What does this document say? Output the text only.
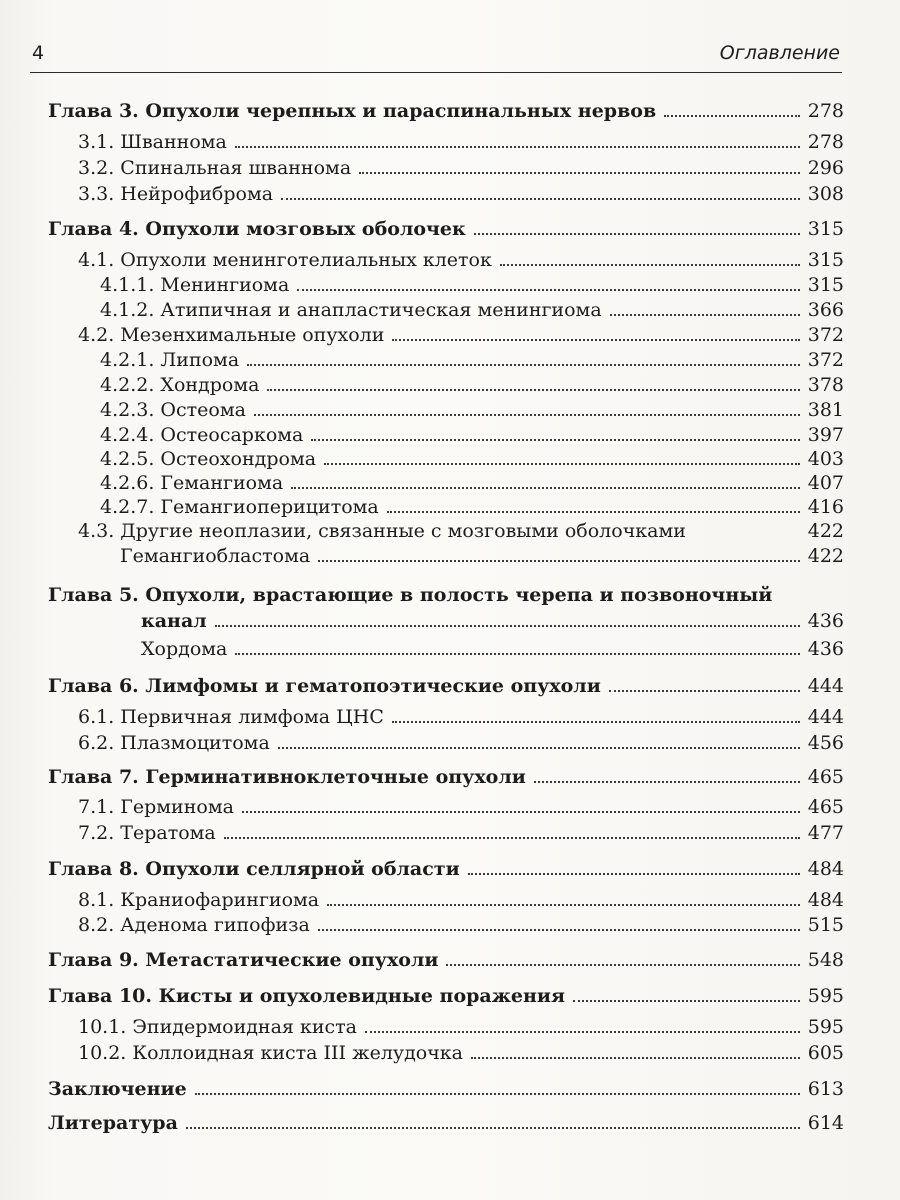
4	Оглавление
Глава 3. Опухоли черепных и параспинальных нервов	278
3.1. Шваннома	278
3.2. Спинальная шваннома	296
3.3. Нейрофиброма	308
Глава 4. Опухоли мозговых оболочек	315
4.1. Опухоли менинготелиальных клеток	315
4.1.1. Менингиома	315
4.1.2. Атипичная и анапластическая менингиома	366
4.2. Мезенхимальные опухоли	372
4.2.1. Липома	372
4.2.2. Хондрома	378
4.2.3. Остеома	381
4.2.4. Остеосаркома	397
4.2.5. Остеохондрома	403
4.2.6. Гемангиома	407
4.2.7. Гемангиоперицитома	416
4.3. Другие неоплазии, связанные с мозговыми оболочками	422
Гемангиобластома	422
Глава 5. Опухоли, врастающие в полость черепа и позвоночный
канал	436
Хордома	436
Глава 6. Лимфомы и гематопоэтические опухоли	444
6.1. Первичная лимфома ЦНС	444
6.2. Плазмоцитома	456
Глава 7. Герминативноклеточные опухоли	465
7.1. Герминома	465
7.2. Тератома	477
Глава 8. Опухоли селлярной области	484
8.1. Краниофарингиома	484
8.2. Аденома гипофиза	515
Глава 9. Метастатические опухоли	548
Глава 10. Кисты и опухолевидные поражения	595
10.1. Эпидермоидная киста	595
10.2. Коллоидная киста III желудочка	605
Заключение	613
Литература	614
